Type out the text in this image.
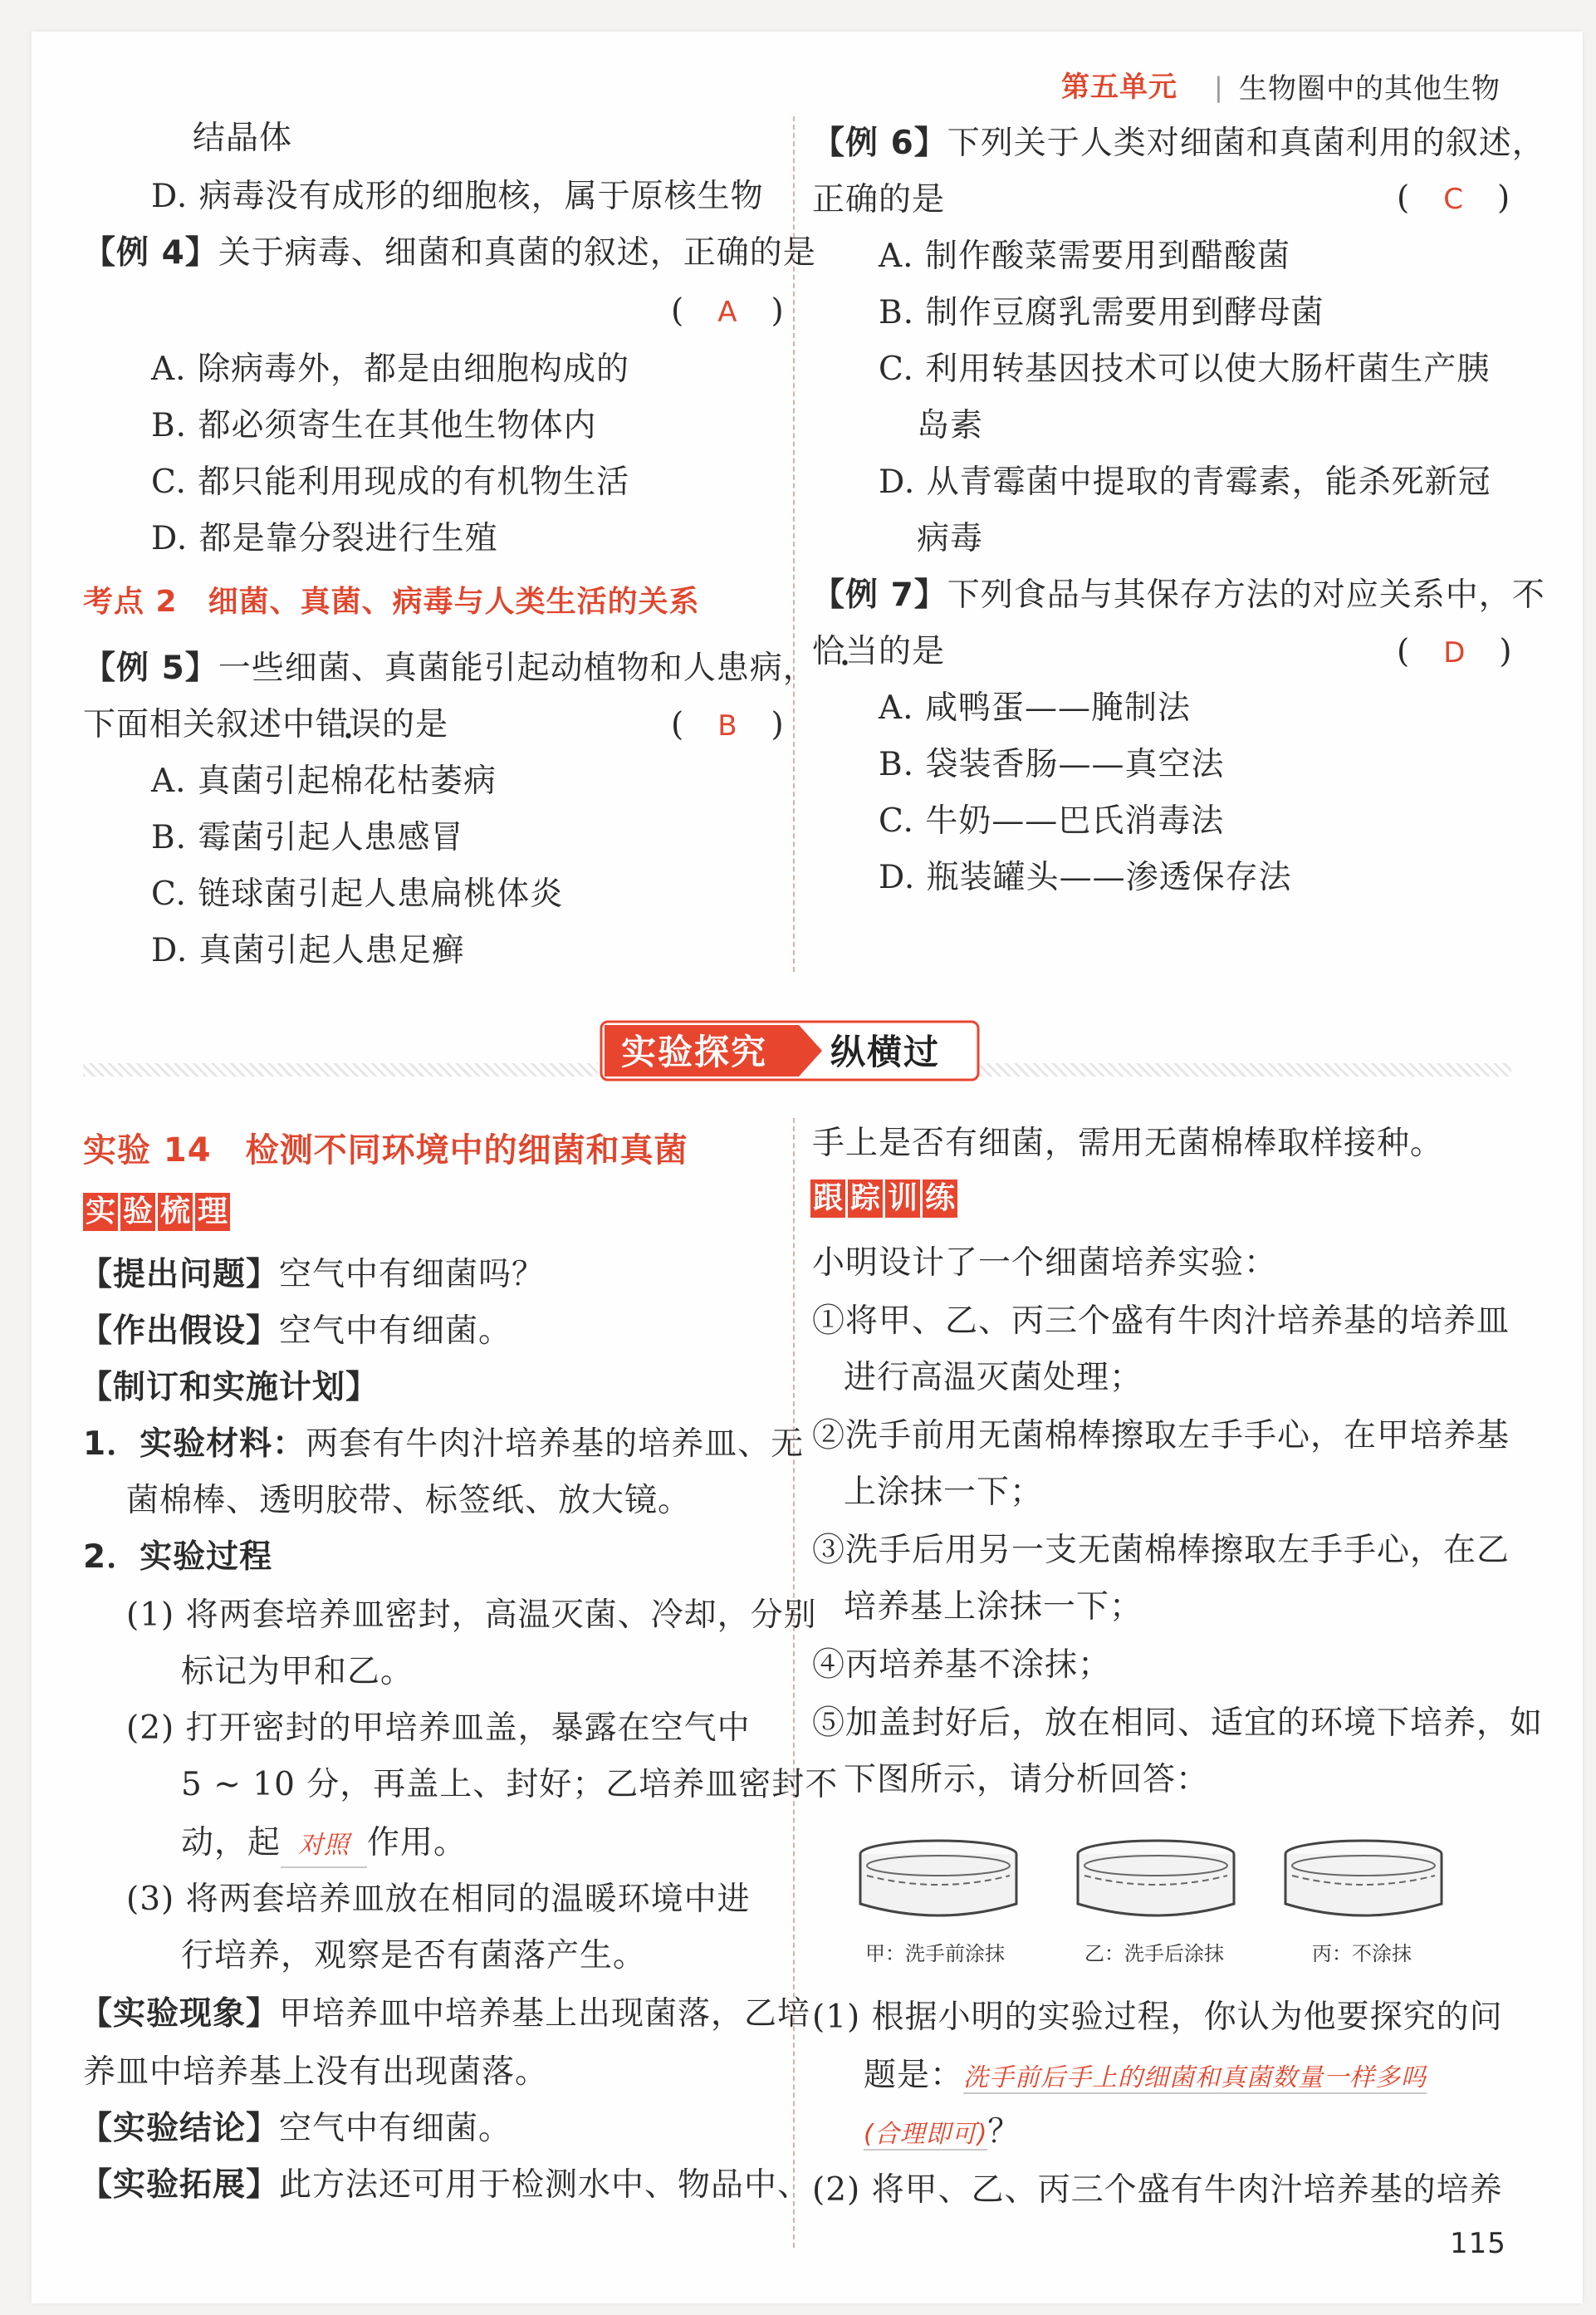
第五单元 | 生物圈中的其他生物
结晶体
D. 病毒没有成形的细胞核，属于原核生物
【例 4】关于病毒、细菌和真菌的叙述，正确的是
(　A　)
A. 除病毒外，都是由细胞构成的
B. 都必须寄生在其他生物体内
C. 都只能利用现成的有机物生活
D. 都是靠分裂进行生殖
考点 2　细菌、真菌、病毒与人类生活的关系
【例 5】一些细菌、真菌能引起动植物和人患病，
下面相关叙述中错误的是	(　B　)
A. 真菌引起棉花枯萎病
B. 霉菌引起人患感冒
C. 链球菌引起人患扁桃体炎
D. 真菌引起人患足癣
【例 6】下列关于人类对细菌和真菌利用的叙述，
正确的是	(　C　)
A. 制作酸菜需要用到醋酸菌
B. 制作豆腐乳需要用到酵母菌
C. 利用转基因技术可以使大肠杆菌生产胰
岛素
D. 从青霉菌中提取的青霉素，能杀死新冠
病毒
【例 7】下列食品与其保存方法的对应关系中，不
恰当的是	(　D　)
A. 咸鸭蛋——腌制法
B. 袋装香肠——真空法
C. 牛奶——巴氏消毒法
D. 瓶装罐头——渗透保存法
实验探究 纵横过
实验 14　检测不同环境中的细菌和真菌
实 验 梳 理
【提出问题】空气中有细菌吗？
【作出假设】空气中有细菌。
【制订和实施计划】
1．实验材料：两套有牛肉汁培养基的培养皿、无
菌棉棒、透明胶带、标签纸、放大镜。
2．实验过程
(1) 将两套培养皿密封，高温灭菌、冷却，分别
标记为甲和乙。
(2) 打开密封的甲培养皿盖，暴露在空气中
5 ~ 10 分，再盖上、封好；乙培养皿密封不
动，起 对照 作用。
(3) 将两套培养皿放在相同的温暖环境中进
行培养，观察是否有菌落产生。
【实验现象】甲培养皿中培养基上出现菌落，乙培
养皿中培养基上没有出现菌落。
【实验结论】空气中有细菌。
【实验拓展】此方法还可用于检测水中、物品中、
手上是否有细菌，需用无菌棉棒取样接种。
跟 踪 训 练
小明设计了一个细菌培养实验：
①将甲、乙、丙三个盛有牛肉汁培养基的培养皿
进行高温灭菌处理；
②洗手前用无菌棉棒擦取左手手心，在甲培养基
上涂抹一下；
③洗手后用另一支无菌棉棒擦取左手手心，在乙
培养基上涂抹一下；
④丙培养基不涂抹；
⑤加盖封好后，放在相同、适宜的环境下培养，如
下图所示，请分析回答：
甲：洗手前涂抹	乙：洗手后涂抹	丙：不涂抹
(1) 根据小明的实验过程，你认为他要探究的问
题是：洗手前后手上的细菌和真菌数量一样多吗
(合理即可)？
(2) 将甲、乙、丙三个盛有牛肉汁培养基的培养
115
